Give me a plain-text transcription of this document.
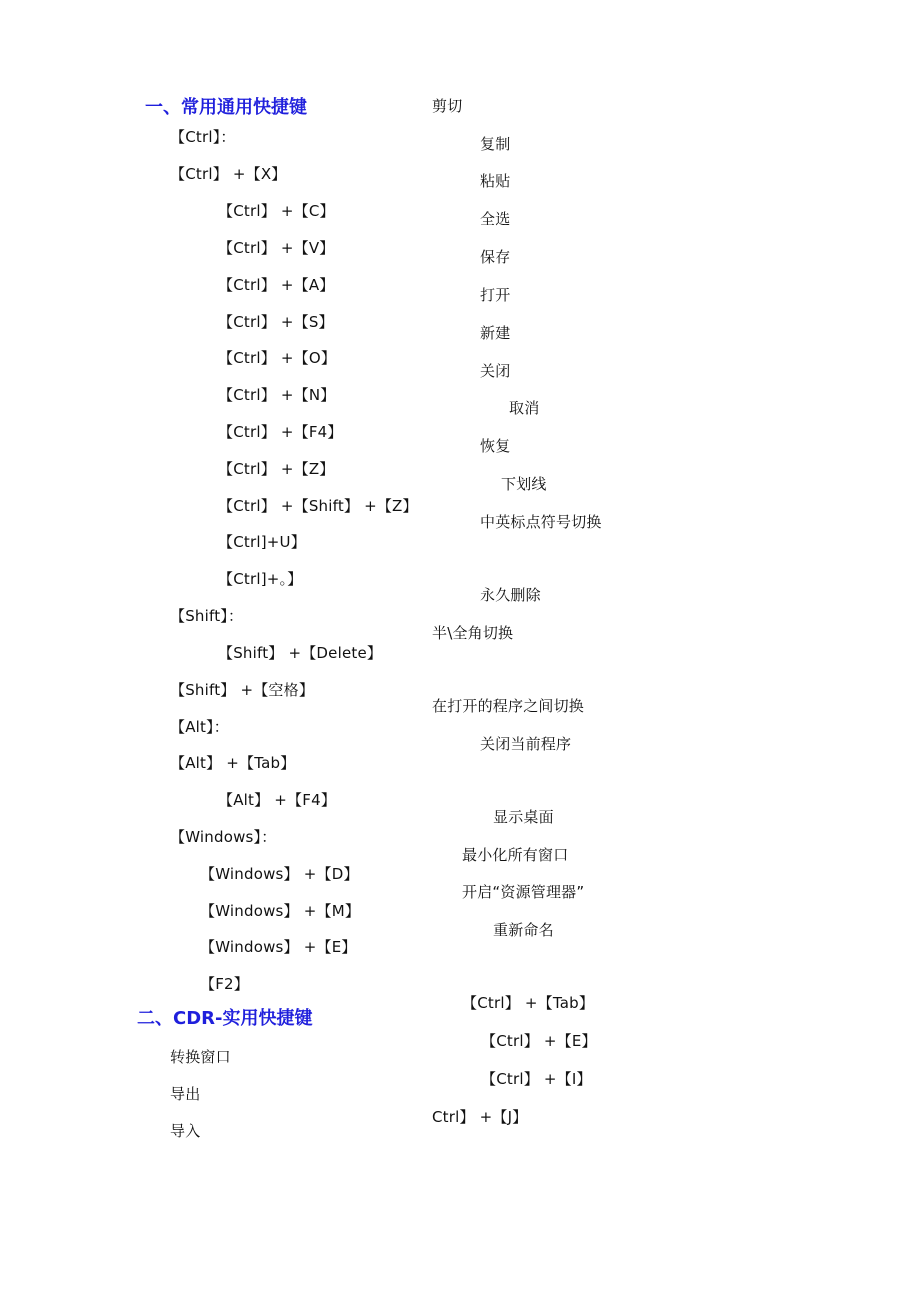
一、常用通用快捷键
【Ctrl】：
【Ctrl】 +【X】
【Ctrl】 +【C】
【Ctrl】 +【V】
【Ctrl】 +【A】
【Ctrl】 +【S】
【Ctrl】 +【O】
【Ctrl】 +【N】
【Ctrl】 +【F4】
【Ctrl】 +【Z】
【Ctrl】 +【Shift】 +【Z】
【Ctrl]+U】
【Ctrl]+。】
【Shift】：
【Shift】 +【Delete】
【Shift】 +【空格】
【Alt】：
【Alt】 +【Tab】
【Alt】 +【F4】
【Windows】：
【Windows】 +【D】
【Windows】 +【M】
【Windows】 +【E】
【F2】
剪切
复制
粘贴
全选
保存
打开
新建
关闭
取消
恢复
下划线
中英标点符号切换
永久删除
半\全角切换
在打开的程序之间切换
关闭当前程序
显示桌面
最小化所有窗口
开启“资源管理器”
重新命名
二、CDR-实用快捷键
转换窗口
导出
导入
【Ctrl】 +【Tab】
【Ctrl】 +【E】
【Ctrl】 +【I】
Ctrl】 +【J】
